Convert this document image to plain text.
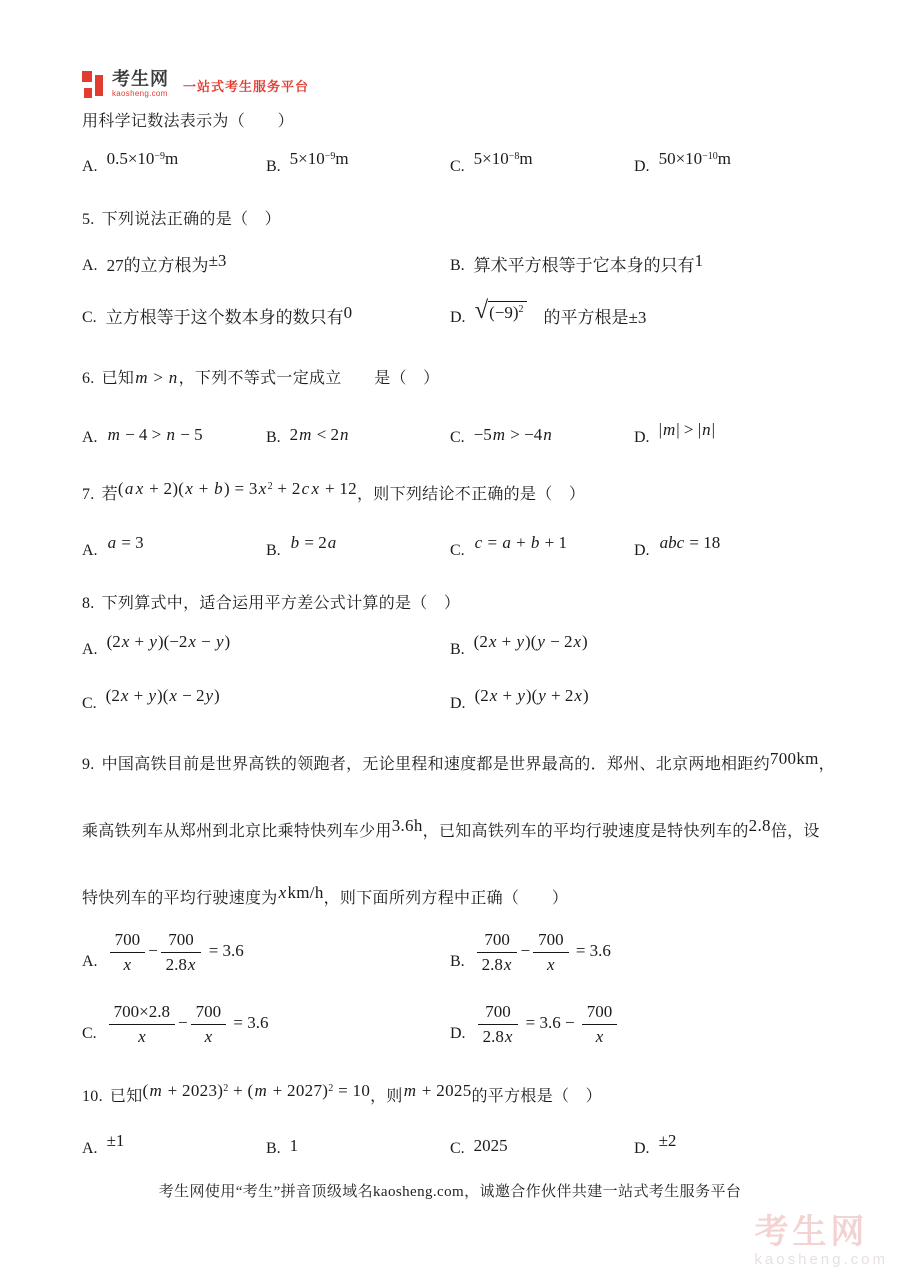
考生网
kaosheng.com 一站式考生服务平台
用科学记数法表示为（　　）
A. $0.5\times 10^{-9}m$	B. $5\times 10^{-9}m$	C. $5\times 10^{-8}m$	D. $50\times 10^{-10}m$
5. 下列说法正确的是（　）
A. 27的立方根为±3	B. 算术平方根等于它本身的只有1
C. 立方根等于这个数本身的数只有0	D. $√(-9)^2$　的平方根是±3
6. 已知m > n，下列不等式一定成立　　是（　）
A. m − 4 > n − 5	B. 2m < 2n	C. −5m > −4n	D. |m| > |n|
7. 若(a $x + 2)(x + b) = 3x^2 + 2c$ x + 12，则下列结论不正确的是（　）
A. a = 3	B. b = 2a	C. c = a + b + 1	D. abc = 18
8. 下列算式中，适合运用平方差公式计算的是（　）
A. (2x + y)(−2x − y)	B. (2x + y)(y − 2x)
C. (2x + y)(x − 2y)	D. (2x + y)(y + 2x)
9. 中国高铁目前是世界高铁的领跑者，无论里程和速度都是世界最高的．郑州、北京两地相距约700km，
乘高铁列车从郑州到北京比乘特快列车少用3.6h，已知高铁列车的平均行驶速度是特快列车的2.8倍，设
特快列车的平均行驶速度为xkm/h，则下面所列方程中正确（　　）
A. $\frac{700}{x} - \frac{700}{2.8x} = 3.6$
B. $\frac{700}{2.8x} - \frac{700}{x} = 3.6$
C. $\frac{700\times 2.8}{x} - \frac{700}{x} = 3.6$
D. $\frac{700}{2.8x} = 3.6 - \frac{700}{x}$
10. 已知$(m + 2023)^2 + (m + 2027)^2 = 10$，则m + 2025的平方根是（　）
A. ±1	B. 1	C. 2025	D. ±2
考生网使用“考生”拼音顶级域名kaosheng.com，诚邀合作伙伴共建一站式考生服务平台
考生网
kaosheng.com
